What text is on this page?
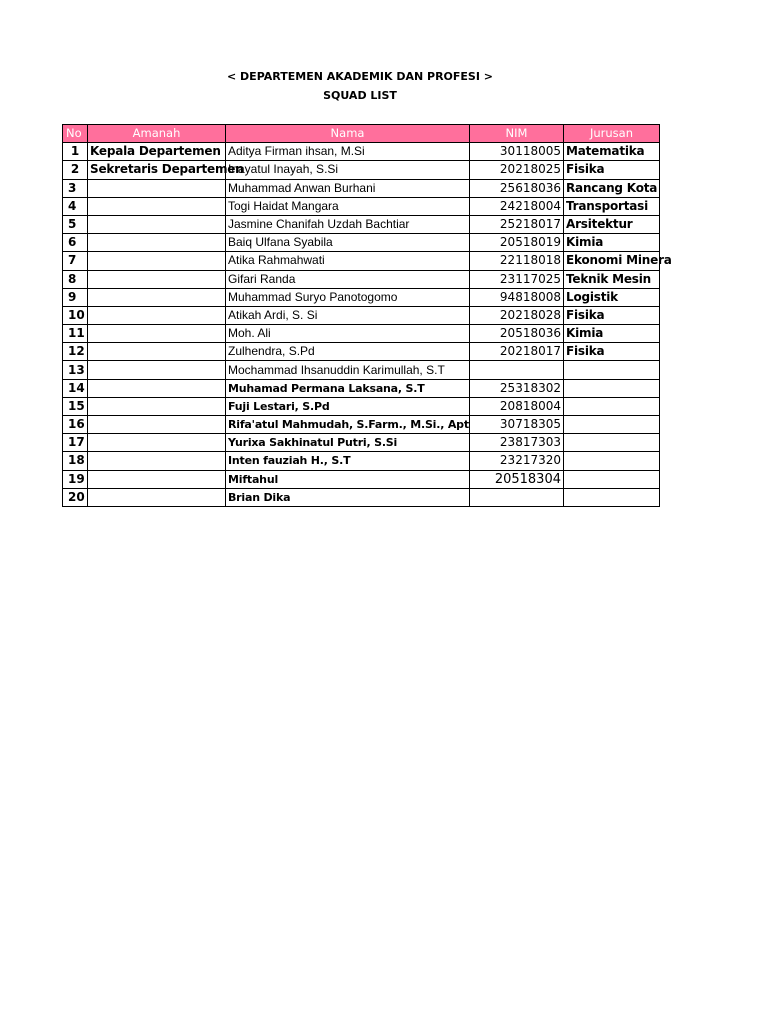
< DEPARTEMEN AKADEMIK DAN PROFESI >
SQUAD LIST
No	Amanah	Nama	NIM	Jurusan
1	Kepala Departemen	Aditya Firman ihsan, M.Si	30118005	Matematika
2	Sekretaris Departemen	Inayatul Inayah, S.Si	20218025	Fisika
3		Muhammad Anwan Burhani	25618036	Rancang Kota
4		Togi Haidat Mangara	24218004	Transportasi
5		Jasmine Chanifah Uzdah Bachtiar	25218017	Arsitektur
6		Baiq Ulfana Syabila	20518019	Kimia
7		Atika Rahmahwati	22118018	Ekonomi Minera
8		Gifari Randa	23117025	Teknik Mesin
9		Muhammad Suryo Panotogomo	94818008	Logistik
10		Atikah Ardi, S. Si	20218028	Fisika
11		Moh. Ali	20518036	Kimia
12		Zulhendra, S.Pd	20218017	Fisika
13		Mochammad Ihsanuddin Karimullah, S.T		
14		Muhamad Permana Laksana, S.T	25318302	
15		Fuji Lestari, S.Pd	20818004	
16		Rifa'atul Mahmudah, S.Farm., M.Si., Apt	30718305	
17		Yurixa Sakhinatul Putri, S.Si	23817303	
18		Inten fauziah H., S.T	23217320	
19		Miftahul	20518304	
20		Brian Dika		
